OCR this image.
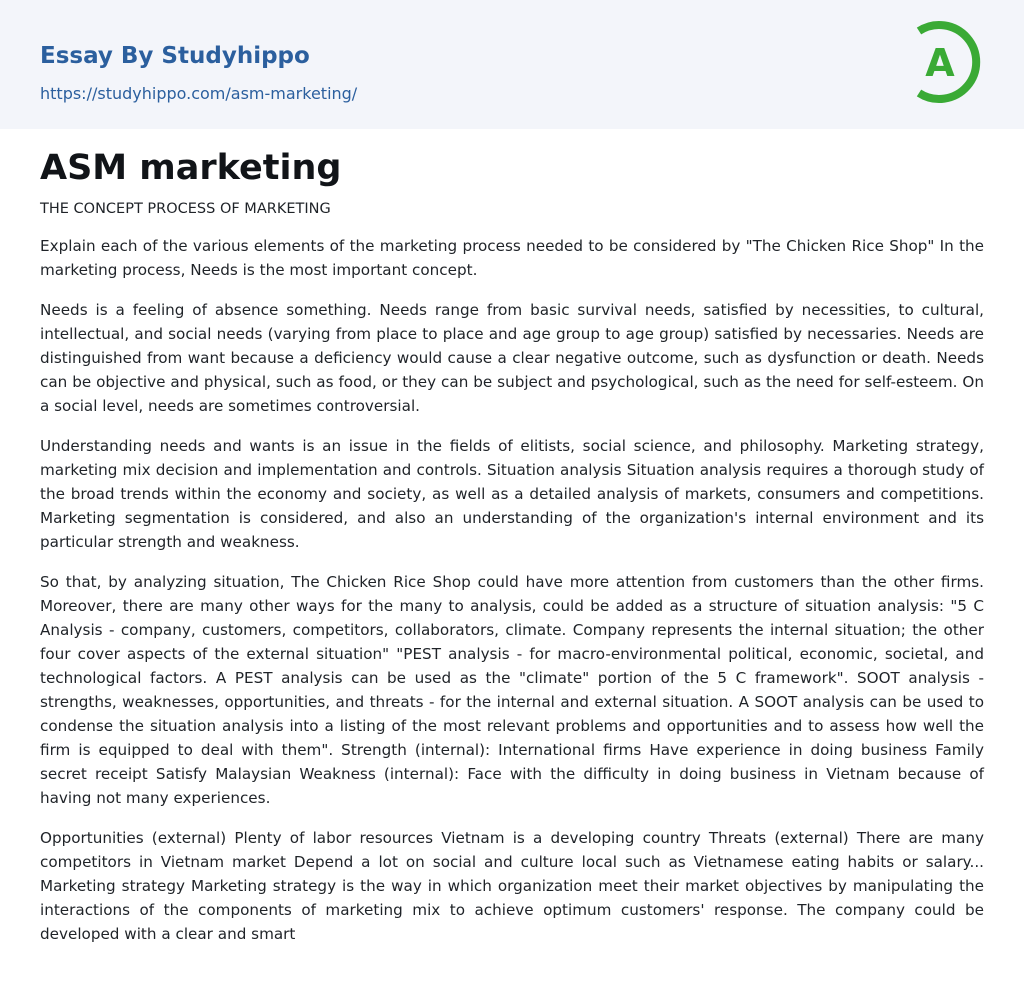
Essay By Studyhippo
https://studyhippo.com/asm-marketing/
A
ASM marketing

THE CONCEPT PROCESS OF MARKETING

Explain each of the various elements of the marketing process needed to be considered by "The Chicken Rice Shop" In the marketing process, Needs is the most important concept.

Needs is a feeling of absence something. Needs range from basic survival needs, satisfied by necessities, to cultural, intellectual, and social needs (varying from place to place and age group to age group) satisfied by necessaries. Needs are distinguished from want because a deficiency would cause a clear negative outcome, such as dysfunction or death. Needs can be objective and physical, such as food, or they can be subject and psychological, such as the need for self-esteem. On a social level, needs are sometimes controversial.

Understanding needs and wants is an issue in the fields of elitists, social science, and philosophy. Marketing strategy, marketing mix decision and implementation and controls. Situation analysis Situation analysis requires a thorough study of the broad trends within the economy and society, as well as a detailed analysis of markets, consumers and competitions. Marketing segmentation is considered, and also an understanding of the organization's internal environment and its particular strength and weakness.

So that, by analyzing situation, The Chicken Rice Shop could have more attention from customers than the other firms. Moreover, there are many other ways for the many to analysis, could be added as a structure of situation analysis: "5 C Analysis - company, customers, competitors, collaborators, climate. Company represents the internal situation; the other four cover aspects of the external situation" "PEST analysis - for macro-environmental political, economic, societal, and technological factors. A PEST analysis can be used as the "climate" portion of the 5 C framework". SOOT analysis - strengths, weaknesses, opportunities, and threats - for the internal and external situation. A SOOT analysis can be used to condense the situation analysis into a listing of the most relevant problems and opportunities and to assess how well the firm is equipped to deal with them". Strength (internal): International firms Have experience in doing business Family secret receipt Satisfy Malaysian Weakness (internal): Face with the difficulty in doing business in Vietnam because of having not many experiences.

Opportunities (external) Plenty of labor resources Vietnam is a developing country Threats (external) There are many competitors in Vietnam market Depend a lot on social and culture local such as Vietnamese eating habits or salary... Marketing strategy Marketing strategy is the way in which organization meet their market objectives by manipulating the interactions of the components of marketing mix to achieve optimum customers' response. The company could be developed with a clear and smart
